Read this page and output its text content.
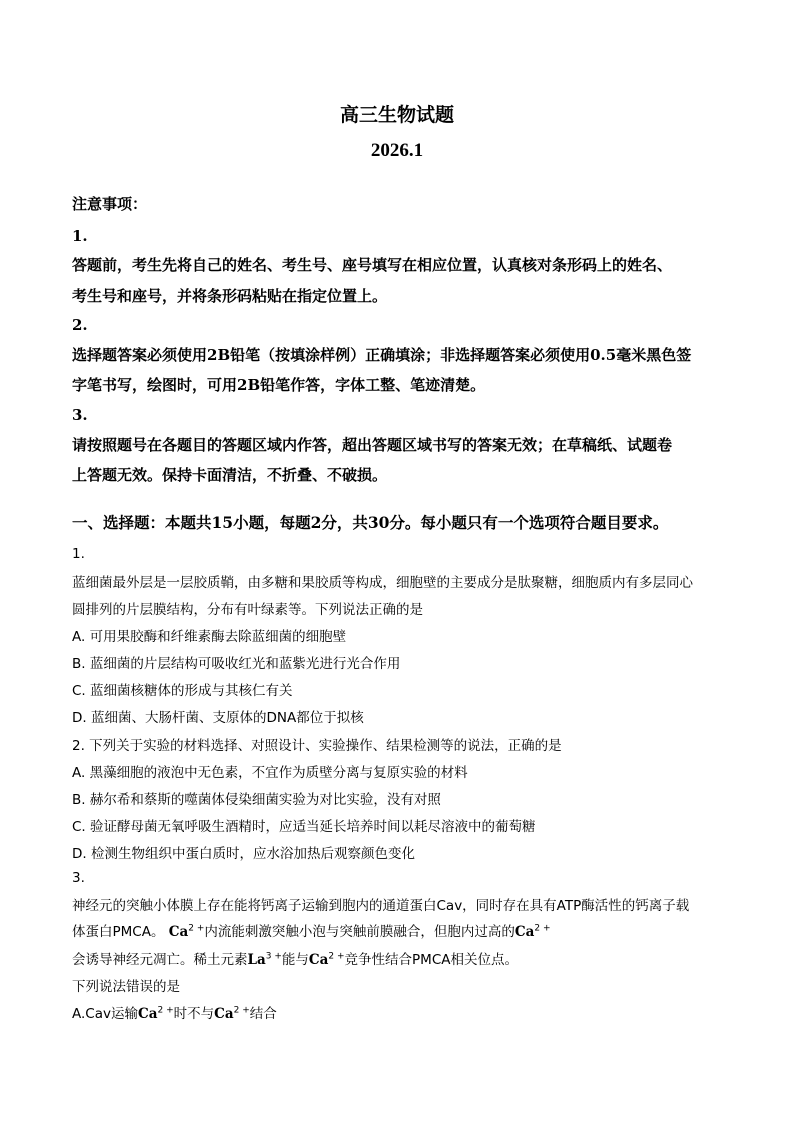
高三生物试题
2026.1
注意事项：
1.
答题前，考生先将自己的姓名、考生号、座号填写在相应位置，认真核对条形码上的姓名、
考生号和座号，并将条形码粘贴在指定位置上。
2.
选择题答案必须使用2B铅笔（按填涂样例）正确填涂；非选择题答案必须使用0.5毫米黑色签
字笔书写，绘图时，可用2B铅笔作答，字体工整、笔迹清楚。
3.
请按照题号在各题目的答题区域内作答，超出答题区域书写的答案无效；在草稿纸、试题卷
上答题无效。保持卡面清洁，不折叠、不破损。
一、选择题：本题共15小题，每题2分，共30分。每小题只有一个选项符合题目要求。
1.
蓝细菌最外层是一层胶质鞘，由多糖和果胶质等构成，细胞壁的主要成分是肽聚糖，细胞质内有多层同心
圆排列的片层膜结构，分布有叶绿素等。下列说法正确的是
A. 可用果胶酶和纤维素酶去除蓝细菌的细胞壁
B. 蓝细菌的片层结构可吸收红光和蓝紫光进行光合作用
C. 蓝细菌核糖体的形成与其核仁有关
D. 蓝细菌、大肠杆菌、支原体的DNA都位于拟核
2. 下列关于实验的材料选择、对照设计、实验操作、结果检测等的说法，正确的是
A. 黑藻细胞的液泡中无色素，不宜作为质壁分离与复原实验的材料
B. 赫尔希和蔡斯的噬菌体侵染细菌实验为对比实验，没有对照
C. 验证酵母菌无氧呼吸生酒精时，应适当延长培养时间以耗尽溶液中的葡萄糖
D. 检测生物组织中蛋白质时，应水浴加热后观察颜色变化
3.
神经元的突触小体膜上存在能将钙离子运输到胞内的通道蛋白Cav，同时存在具有ATP酶活性的钙离子载
体蛋白PMCA。 $Ca^{2 +}$内流能刺激突触小泡与突触前膜融合，但胞内过高的$Ca^{2 +}$
会诱导神经元凋亡。稀土元素$La^{3 +}$能与$Ca^{2 +}$竞争性结合PMCA相关位点。
下列说法错误的是
A.Cav运输$Ca^{2 +}$时不与$Ca^{2 +}$结合
